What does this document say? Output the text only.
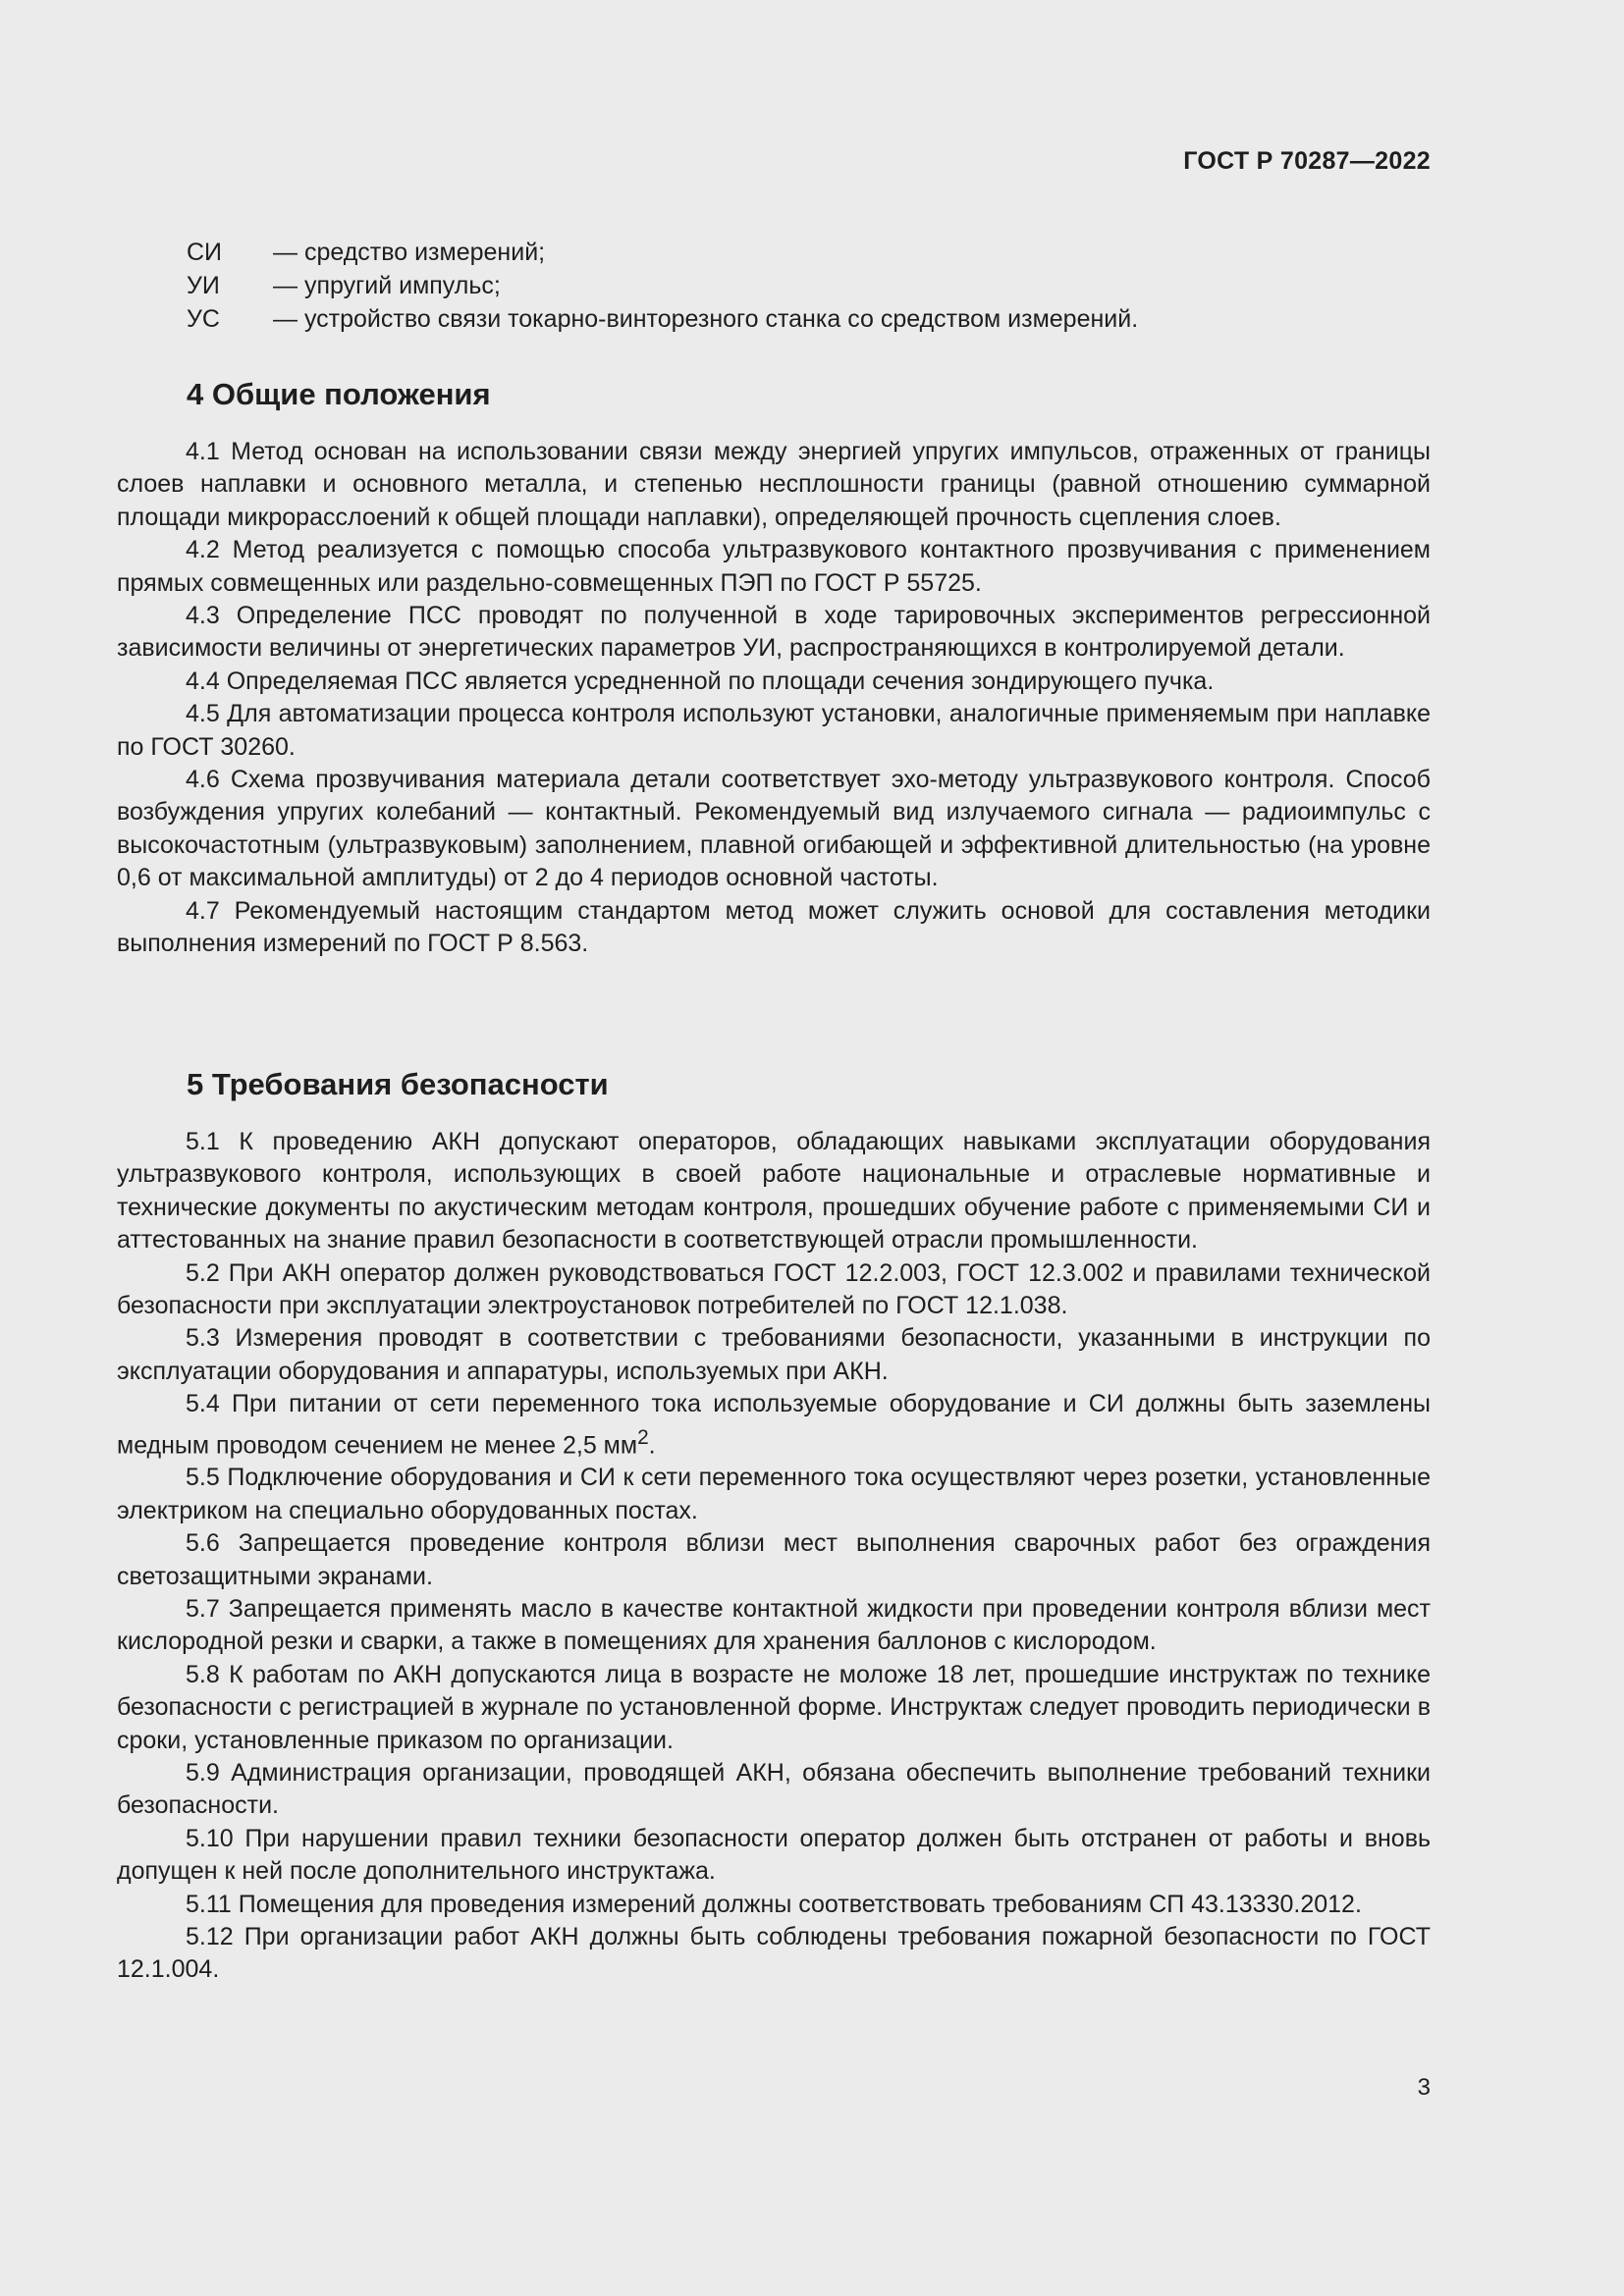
ГОСТ Р 70287—2022
СИ	— средство измерений;
УИ	— упругий импульс;
УС	— устройство связи токарно-винторезного станка со средством измерений.
4 Общие положения

4.1 Метод основан на использовании связи между энергией упругих импульсов, отраженных от границы слоев наплавки и основного металла, и степенью несплошности границы (равной отношению суммарной площади микрорасслоений к общей площади наплавки), определяющей прочность сцепления слоев.

4.2 Метод реализуется с помощью способа ультразвукового контактного прозвучивания с применением прямых совмещенных или раздельно-совмещенных ПЭП по ГОСТ Р 55725.

4.3 Определение ПСС проводят по полученной в ходе тарировочных экспериментов регрессионной зависимости величины от энергетических параметров УИ, распространяющихся в контролируемой детали.

4.4 Определяемая ПСС является усредненной по площади сечения зондирующего пучка.

4.5 Для автоматизации процесса контроля используют установки, аналогичные применяемым при наплавке по ГОСТ 30260.

4.6 Схема прозвучивания материала детали соответствует эхо-методу ультразвукового контроля. Способ возбуждения упругих колебаний — контактный. Рекомендуемый вид излучаемого сигнала — радиоимпульс с высокочастотным (ультразвуковым) заполнением, плавной огибающей и эффективной длительностью (на уровне 0,6 от максимальной амплитуды) от 2 до 4 периодов основной частоты.

4.7 Рекомендуемый настоящим стандартом метод может служить основой для составления методики выполнения измерений по ГОСТ Р 8.563.

5 Требования безопасности

5.1 К проведению АКН допускают операторов, обладающих навыками эксплуатации оборудования ультразвукового контроля, использующих в своей работе национальные и отраслевые нормативные и технические документы по акустическим методам контроля, прошедших обучение работе с применяемыми СИ и аттестованных на знание правил безопасности в соответствующей отрасли промышленности.

5.2 При АКН оператор должен руководствоваться ГОСТ 12.2.003, ГОСТ 12.3.002 и правилами технической безопасности при эксплуатации электроустановок потребителей по ГОСТ 12.1.038.

5.3 Измерения проводят в соответствии с требованиями безопасности, указанными в инструкции по эксплуатации оборудования и аппаратуры, используемых при АКН.

5.4 При питании от сети переменного тока используемые оборудование и СИ должны быть заземлены медным проводом сечением не менее 2,5 $мм^2$.

5.5 Подключение оборудования и СИ к сети переменного тока осуществляют через розетки, установленные электриком на специально оборудованных постах.

5.6 Запрещается проведение контроля вблизи мест выполнения сварочных работ без ограждения светозащитными экранами.

5.7 Запрещается применять масло в качестве контактной жидкости при проведении контроля вблизи мест кислородной резки и сварки, а также в помещениях для хранения баллонов с кислородом.

5.8 К работам по АКН допускаются лица в возрасте не моложе 18 лет, прошедшие инструктаж по технике безопасности с регистрацией в журнале по установленной форме. Инструктаж следует проводить периодически в сроки, установленные приказом по организации.

5.9 Администрация организации, проводящей АКН, обязана обеспечить выполнение требований техники безопасности.

5.10 При нарушении правил техники безопасности оператор должен быть отстранен от работы и вновь допущен к ней после дополнительного инструктажа.

5.11 Помещения для проведения измерений должны соответствовать требованиям СП 43.13330.2012.

5.12 При организации работ АКН должны быть соблюдены требования пожарной безопасности по ГОСТ 12.1.004.

3
